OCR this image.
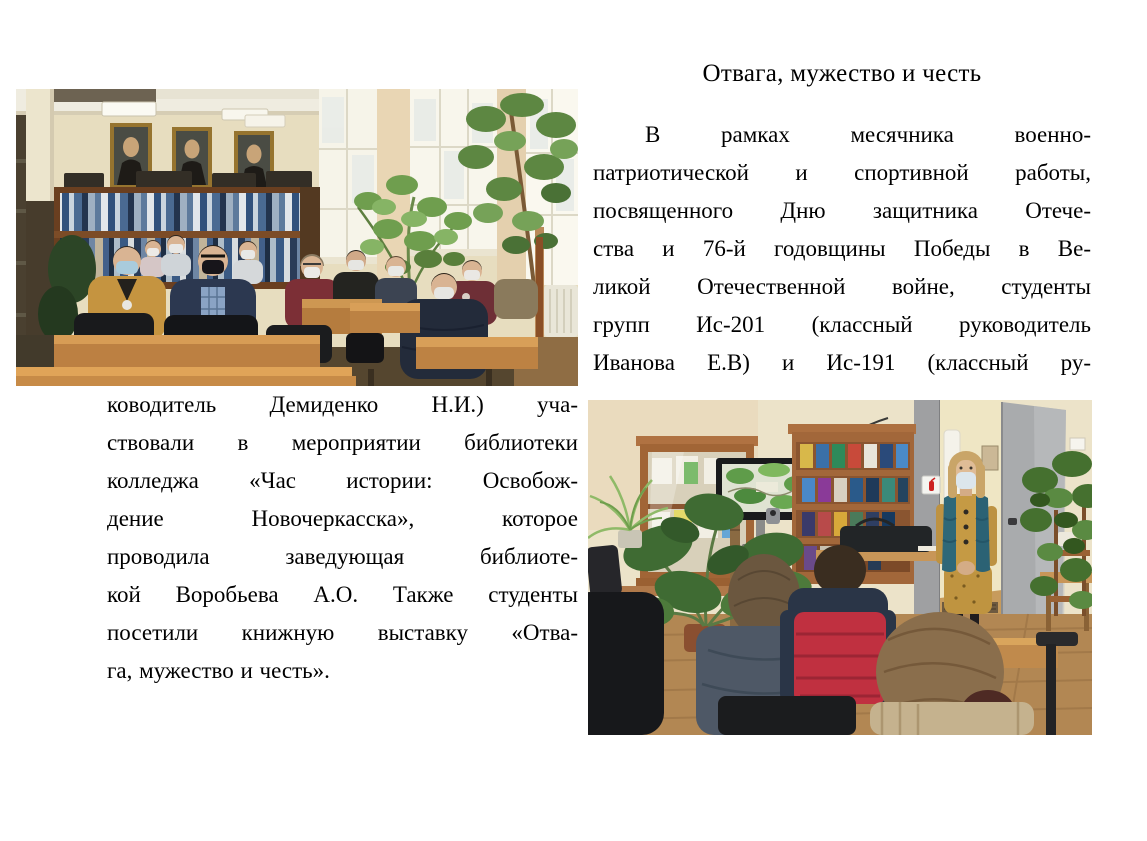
Отвага, мужество и честь
В рамках месячника военно-
патриотической и спортивной работы,
посвященного Дню защитника Отече-
ства и 76-й годовщины Победы в Ве-
ликой Отечественной войне, студенты
групп Ис-201 (классный руководитель
Иванова Е.В) и Ис-191 (классный ру-
ководитель Демиденко Н.И.) уча-
ствовали в мероприятии библиотеки
колледжа «Час истории: Освобож-
дение Новочеркасска», которое
проводила заведующая библиоте-
кой Воробьева А.О. Также студенты
посетили книжную выставку «Отва-
га, мужество и честь».
